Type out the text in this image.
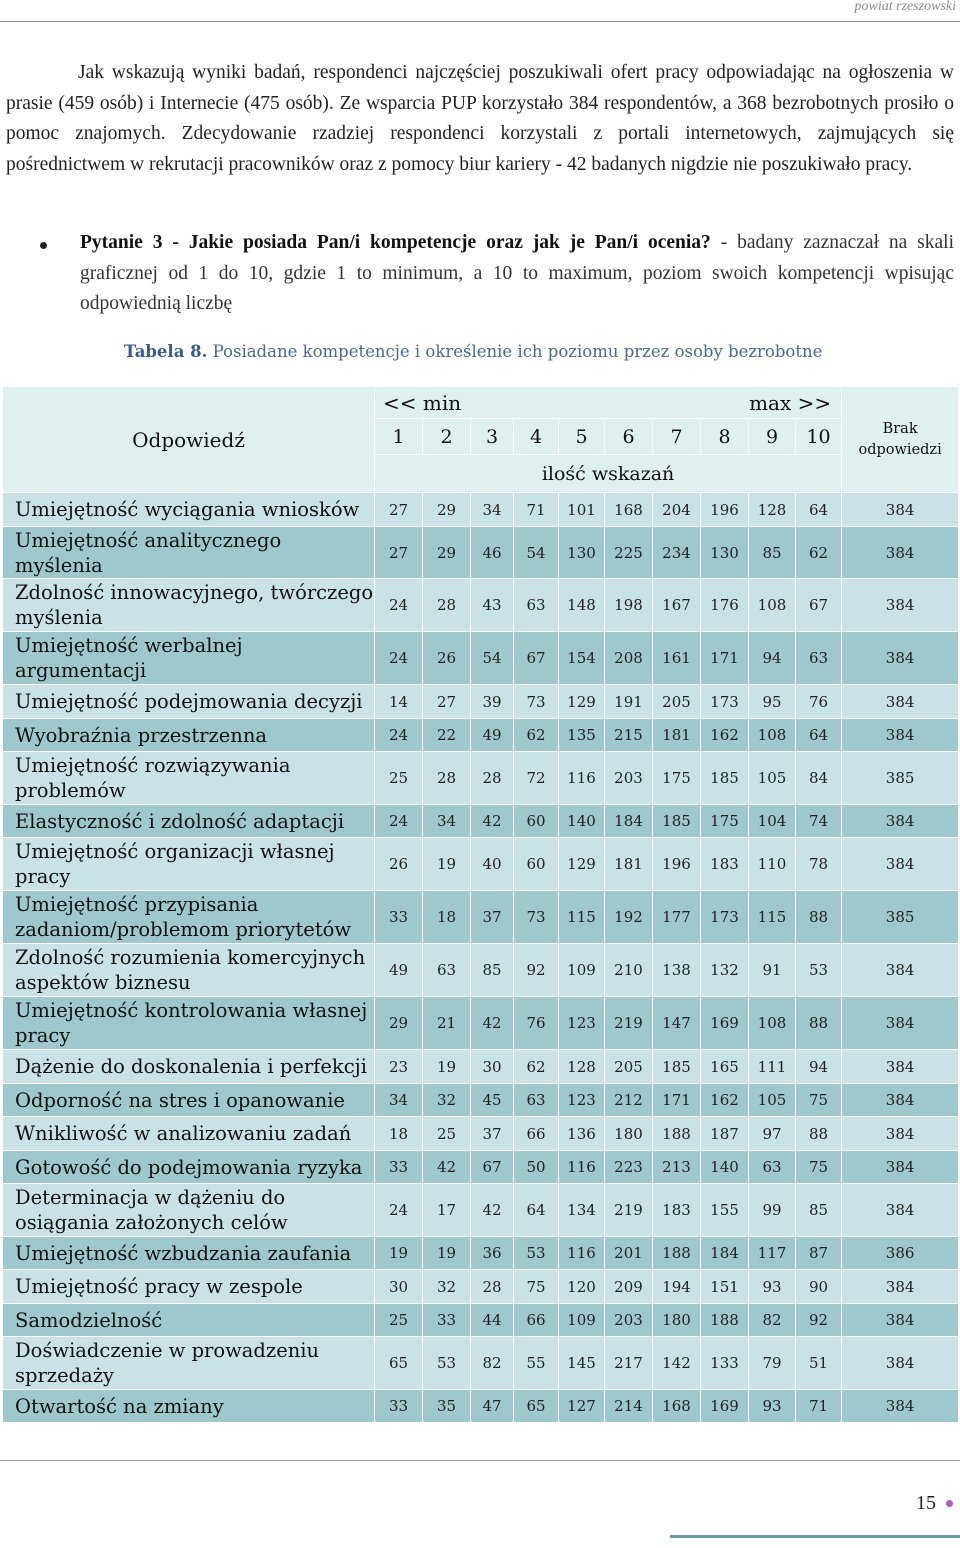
powiat rzeszowski
Jak wskazują wyniki badań, respondenci najczęściej poszukiwali ofert pracy odpowiadając na ogłoszenia w prasie (459 osób) i Internecie (475 osób). Ze wsparcia PUP korzystało 384 respondentów, a 368 bezrobotnych prosiło o pomoc znajomych. Zdecydowanie rzadziej respondenci korzystali z portali internetowych, zajmujących się pośrednictwem w rekrutacji pracowników oraz z pomocy biur kariery - 42 badanych nigdzie nie poszukiwało pracy.
Pytanie 3 - Jakie posiada Pan/i kompetencje oraz jak je Pan/i ocenia? - badany zaznaczał na skali graficznej od 1 do 10, gdzie 1 to minimum, a 10 to maximum, poziom swoich kompetencji wpisując odpowiednią liczbę
Tabela 8. Posiadane kompetencje i określenie ich poziomu przez osoby bezrobotne
Odpowiedź	<< min max >>										Brak odpowiedzi

	1	2	3	4	5	6	7	8	9	10	
	ilość wskazań										
Umiejętność wyciągania wniosków	27	29	34	71	101	168	204	196	128	64	384
Umiejętność analitycznego myślenia	27	29	46	54	130	225	234	130	85	62	384
Zdolność innowacyjnego, twórczego myślenia	24	28	43	63	148	198	167	176	108	67	384
Umiejętność werbalnej argumentacji	24	26	54	67	154	208	161	171	94	63	384
Umiejętność podejmowania decyzji	14	27	39	73	129	191	205	173	95	76	384
Wyobraźnia przestrzenna	24	22	49	62	135	215	181	162	108	64	384
Umiejętność rozwiązywania problemów	25	28	28	72	116	203	175	185	105	84	385
Elastyczność i zdolność adaptacji	24	34	42	60	140	184	185	175	104	74	384
Umiejętność organizacji własnej pracy	26	19	40	60	129	181	196	183	110	78	384
Umiejętność przypisania zadaniom/problemom priorytetów	33	18	37	73	115	192	177	173	115	88	385
Zdolność rozumienia komercyjnych aspektów biznesu	49	63	85	92	109	210	138	132	91	53	384
Umiejętność kontrolowania własnej pracy	29	21	42	76	123	219	147	169	108	88	384
Dążenie do doskonalenia i perfekcji	23	19	30	62	128	205	185	165	111	94	384
Odporność na stres i opanowanie	34	32	45	63	123	212	171	162	105	75	384
Wnikliwość w analizowaniu zadań	18	25	37	66	136	180	188	187	97	88	384
Gotowość do podejmowania ryzyka	33	42	67	50	116	223	213	140	63	75	384
Determinacja w dążeniu do osiągania założonych celów	24	17	42	64	134	219	183	155	99	85	384
Umiejętność wzbudzania zaufania	19	19	36	53	116	201	188	184	117	87	386
Umiejętność pracy w zespole	30	32	28	75	120	209	194	151	93	90	384
Samodzielność	25	33	44	66	109	203	180	188	82	92	384
Doświadczenie w prowadzeniu sprzedaży	65	53	82	55	145	217	142	133	79	51	384
Otwartość na zmiany	33	35	47	65	127	214	168	169	93	71	384
15
